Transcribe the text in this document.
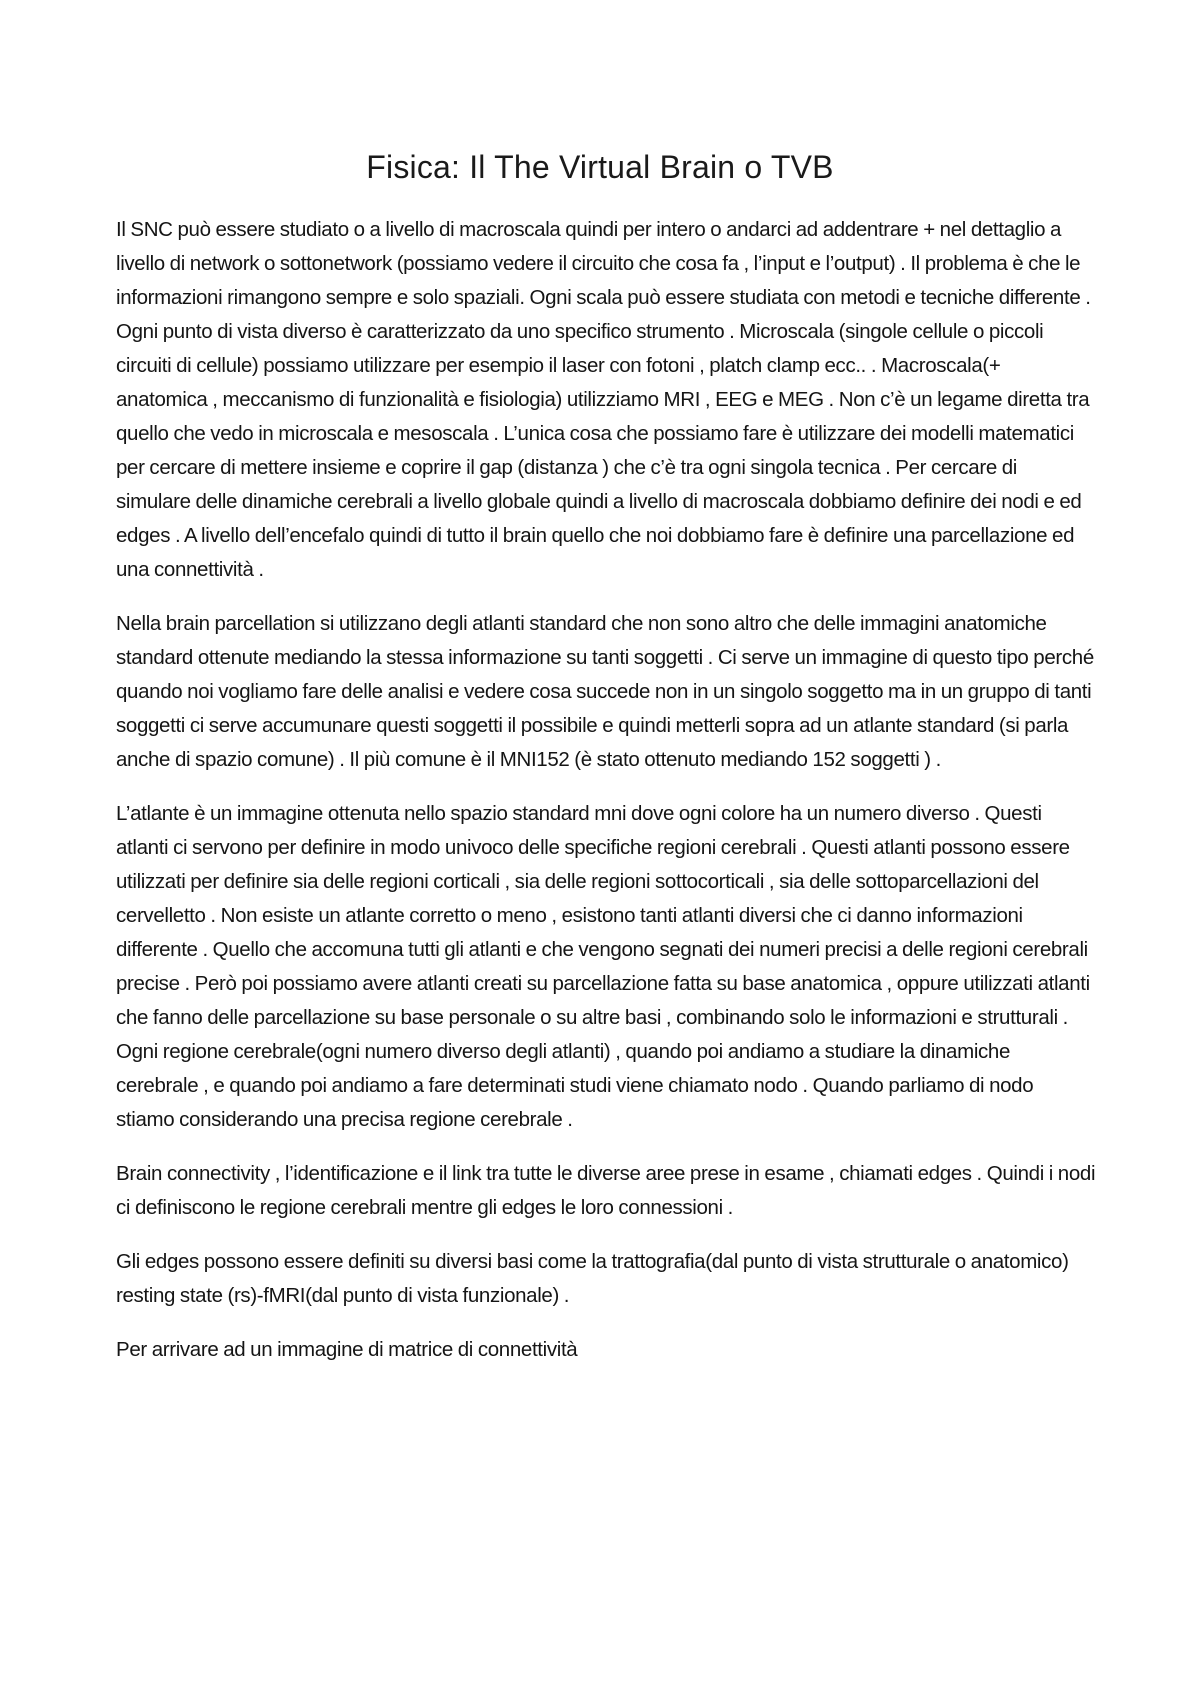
Fisica: Il The Virtual Brain o TVB

Il SNC può essere studiato o a livello di macroscala quindi per intero o andarci ad addentrare + nel dettaglio a livello di network o sottonetwork (possiamo vedere il circuito che cosa fa , l’input e l’output) . Il problema è che le informazioni rimangono sempre e solo spaziali. Ogni scala può essere studiata con metodi e tecniche differente . Ogni punto di vista diverso è caratterizzato da uno specifico strumento . Microscala (singole cellule o piccoli circuiti di cellule) possiamo utilizzare per esempio il laser con fotoni , platch clamp ecc.. . Macroscala(+ anatomica , meccanismo di funzionalità e fisiologia) utilizziamo MRI , EEG e MEG . Non c’è un legame diretta tra quello che vedo in microscala e mesoscala . L’unica cosa che possiamo fare è utilizzare dei modelli matematici per cercare di mettere insieme e coprire il gap (distanza ) che c’è tra ogni singola tecnica . Per cercare di simulare delle dinamiche cerebrali a livello globale quindi a livello di macroscala dobbiamo definire dei nodi e ed edges . A livello dell’encefalo quindi di tutto il brain quello che noi dobbiamo fare è definire una parcellazione ed una connettività .

Nella brain parcellation si utilizzano degli atlanti standard che non sono altro che delle immagini anatomiche standard ottenute mediando la stessa informazione su tanti soggetti . Ci serve un immagine di questo tipo perché quando noi vogliamo fare delle analisi e vedere cosa succede non in un singolo soggetto ma in un gruppo di tanti soggetti ci serve accumunare questi soggetti il possibile e quindi metterli sopra ad un atlante standard (si parla anche di spazio comune) . Il più comune è il MNI152 (è stato ottenuto mediando 152 soggetti ) .

L’atlante è un immagine ottenuta nello spazio standard mni dove ogni colore ha un numero diverso . Questi atlanti ci servono per definire in modo univoco delle specifiche regioni cerebrali . Questi atlanti possono essere utilizzati per definire sia delle regioni corticali , sia delle regioni sottocorticali , sia delle sottoparcellazioni del cervelletto . Non esiste un atlante corretto o meno , esistono tanti atlanti diversi che ci danno informazioni differente . Quello che accomuna tutti gli atlanti e che vengono segnati dei numeri precisi a delle regioni cerebrali precise . Però poi possiamo avere atlanti creati su parcellazione fatta su base anatomica , oppure utilizzati atlanti che fanno delle parcellazione su base personale o su altre basi , combinando solo le informazioni e strutturali . Ogni regione cerebrale(ogni numero diverso degli atlanti) , quando poi andiamo a studiare la dinamiche cerebrale , e quando poi andiamo a fare determinati studi viene chiamato nodo . Quando parliamo di nodo stiamo considerando una precisa regione cerebrale .

Brain connectivity , l’identificazione e il link tra tutte le diverse aree prese in esame , chiamati edges . Quindi i nodi ci definiscono le regione cerebrali mentre gli edges le loro connessioni .

Gli edges possono essere definiti su diversi basi come la trattografia(dal punto di vista strutturale o anatomico) resting state (rs)-fMRI(dal punto di vista funzionale) .

Per arrivare ad un immagine di matrice di connettività
